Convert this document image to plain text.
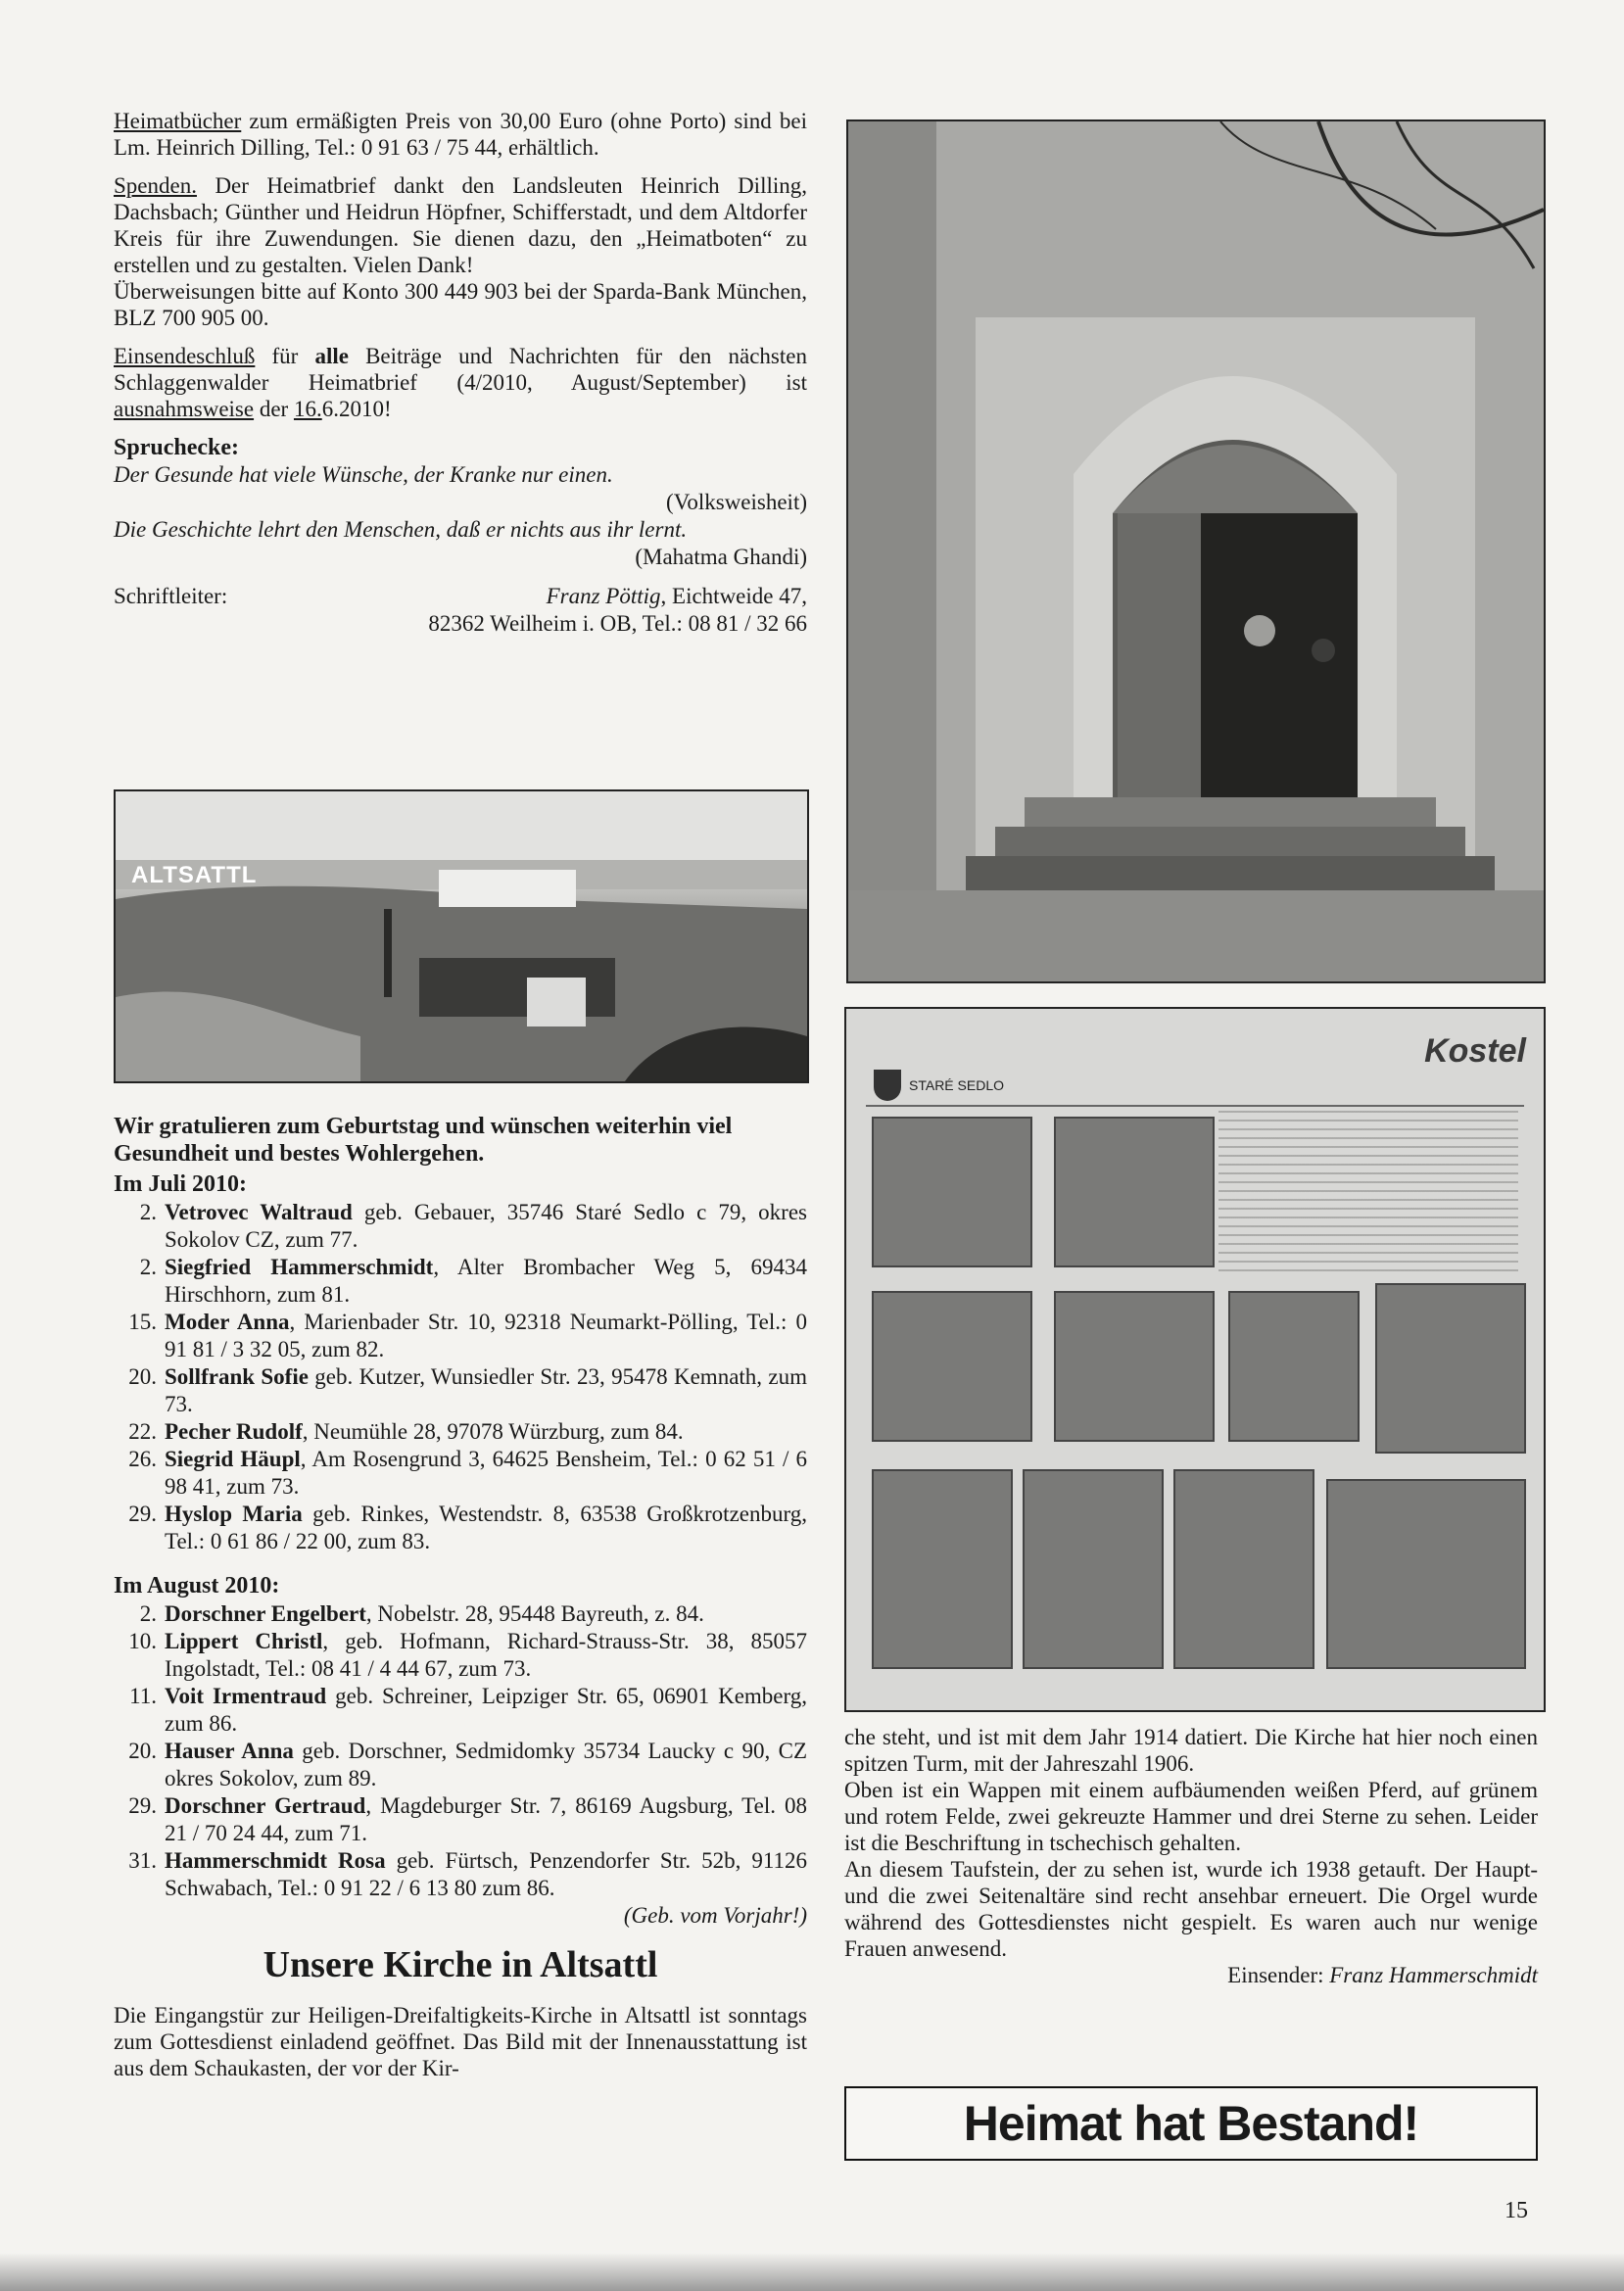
Heimatbücher zum ermäßigten Preis von 30,00 Euro (ohne Porto) sind bei Lm. Heinrich Dilling, Tel.: 0 91 63 / 75 44, erhältlich.

Spenden. Der Heimatbrief dankt den Landsleuten Heinrich Dilling, Dachsbach; Günther und Heidrun Höpfner, Schifferstadt, und dem Altdorfer Kreis für ihre Zuwendungen. Sie dienen dazu, den „Heimatboten“ zu erstellen und zu gestalten. Vielen Dank!

Überweisungen bitte auf Konto 300 449 903 bei der Sparda-Bank München, BLZ 700 905 00.

Einsendeschluß für alle Beiträge und Nachrichten für den nächsten Schlaggenwalder Heimatbrief (4/2010, August/September) ist ausnahmsweise der 16.6.2010!

Spruchecke:

Der Gesunde hat viele Wünsche, der Kranke nur einen.

(Volksweisheit)

Die Geschichte lehrt den Menschen, daß er nichts aus ihr lernt.

(Mahatma Ghandi)

Schriftleiter:	Franz Pöttig, Eichtweide 47,

82362 Weilheim i. OB, Tel.: 08 81 / 32 66

ALTSATTL

Wir gratulieren zum Geburtstag und wünschen weiterhin viel Gesundheit und bestes Wohlergehen.

Im Juli 2010:

2. Vetrovec Waltraud geb. Gebauer, 35746 Staré Sedlo c 79, okres Sokolov CZ, zum 77.
2. Siegfried Hammerschmidt, Alter Brombacher Weg 5, 69434 Hirschhorn, zum 81.
15. Moder Anna, Marienbader Str. 10, 92318 Neumarkt-Pölling, Tel.: 0 91 81 / 3 32 05, zum 82.
20. Sollfrank Sofie geb. Kutzer, Wunsiedler Str. 23, 95478 Kemnath, zum 73.
22. Pecher Rudolf, Neumühle 28, 97078 Würzburg, zum 84.
26. Siegrid Häupl, Am Rosengrund 3, 64625 Bensheim, Tel.: 0 62 51 / 6 98 41, zum 73.
29. Hyslop Maria geb. Rinkes, Westendstr. 8, 63538 Großkrotzenburg, Tel.: 0 61 86 / 22 00, zum 83.

Im August 2010:

2. Dorschner Engelbert, Nobelstr. 28, 95448 Bayreuth, z. 84.
10. Lippert Christl, geb. Hofmann, Richard-Strauss-Str. 38, 85057 Ingolstadt, Tel.: 08 41 / 4 44 67, zum 73.
11. Voit Irmentraud geb. Schreiner, Leipziger Str. 65, 06901 Kemberg, zum 86.
20. Hauser Anna geb. Dorschner, Sedmidomky 35734 Laucky c 90, CZ okres Sokolov, zum 89.
29. Dorschner Gertraud, Magdeburger Str. 7, 86169 Augsburg, Tel. 08 21 / 70 24 44, zum 71.
31. Hammerschmidt Rosa geb. Fürtsch, Penzendorfer Str. 52b, 91126 Schwabach, Tel.: 0 91 22 / 6 13 80 zum 86.

(Geb. vom Vorjahr!)

Unsere Kirche in Altsattl

Die Eingangstür zur Heiligen-Dreifaltigkeits-Kirche in Altsattl ist sonntags zum Gottesdienst einladend geöffnet. Das Bild mit der Innenausstattung ist aus dem Schaukasten, der vor der Kir-

STARÉ SEDLO
Kostel

che steht, und ist mit dem Jahr 1914 datiert. Die Kirche hat hier noch einen spitzen Turm, mit der Jahreszahl 1906.

Oben ist ein Wappen mit einem aufbäumenden weißen Pferd, auf grünem und rotem Felde, zwei gekreuzte Hammer und drei Sterne zu sehen. Leider ist die Beschriftung in tschechisch gehalten.

An diesem Taufstein, der zu sehen ist, wurde ich 1938 getauft. Der Haupt- und die zwei Seitenaltäre sind recht ansehbar erneuert. Die Orgel wurde während des Gottesdienstes nicht gespielt. Es waren auch nur wenige Frauen anwesend.

Einsender: Franz Hammerschmidt

Heimat hat Bestand!
15
